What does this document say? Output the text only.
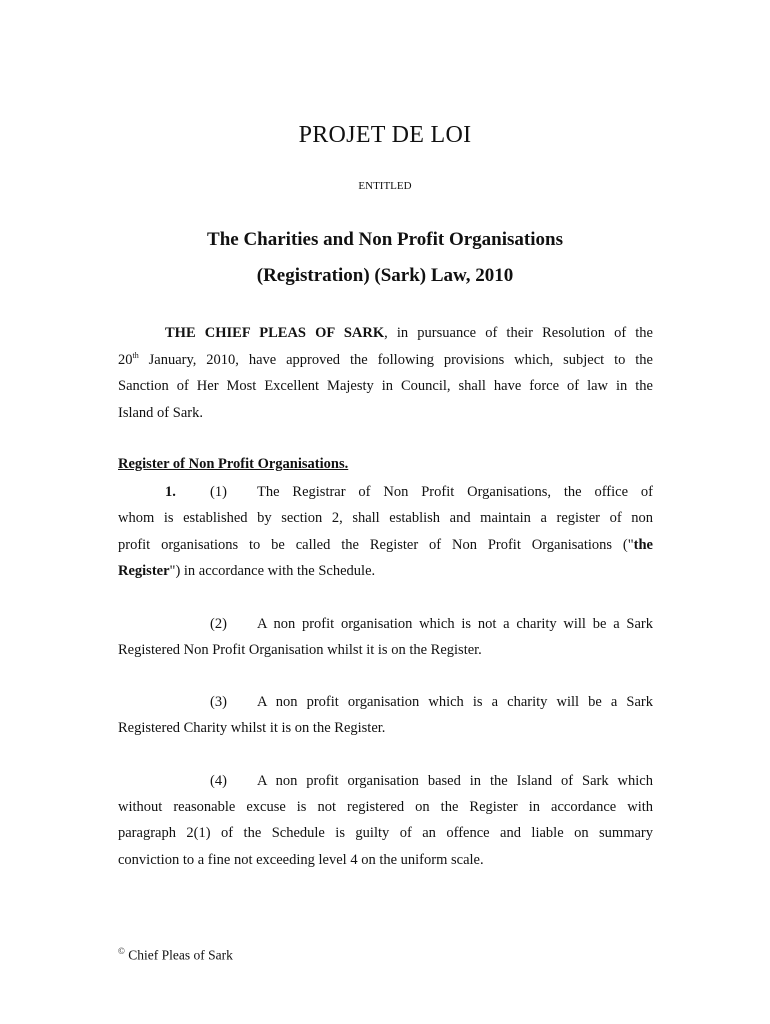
PROJET DE LOI
ENTITLED
The Charities and Non Profit Organisations
(Registration) (Sark) Law, 2010
THE CHIEF PLEAS OF SARK, in pursuance of their Resolution of the
20th January, 2010, have approved the following provisions which, subject to the
Sanction of Her Most Excellent Majesty in Council, shall have force of law in the
Island of Sark.
Register of Non Profit Organisations.
1. (1) The Registrar of Non Profit Organisations, the office of
whom is established by section 2, shall establish and maintain a register of non
profit organisations to be called the Register of Non Profit Organisations ("the
Register") in accordance with the Schedule.
(2) A non profit organisation which is not a charity will be a Sark
Registered Non Profit Organisation whilst it is on the Register.
(3) A non profit organisation which is a charity will be a Sark
Registered Charity whilst it is on the Register.
(4) A non profit organisation based in the Island of Sark which
without reasonable excuse is not registered on the Register in accordance with
paragraph 2(1) of the Schedule is guilty of an offence and liable on summary
conviction to a fine not exceeding level 4 on the uniform scale.
© Chief Pleas of Sark
